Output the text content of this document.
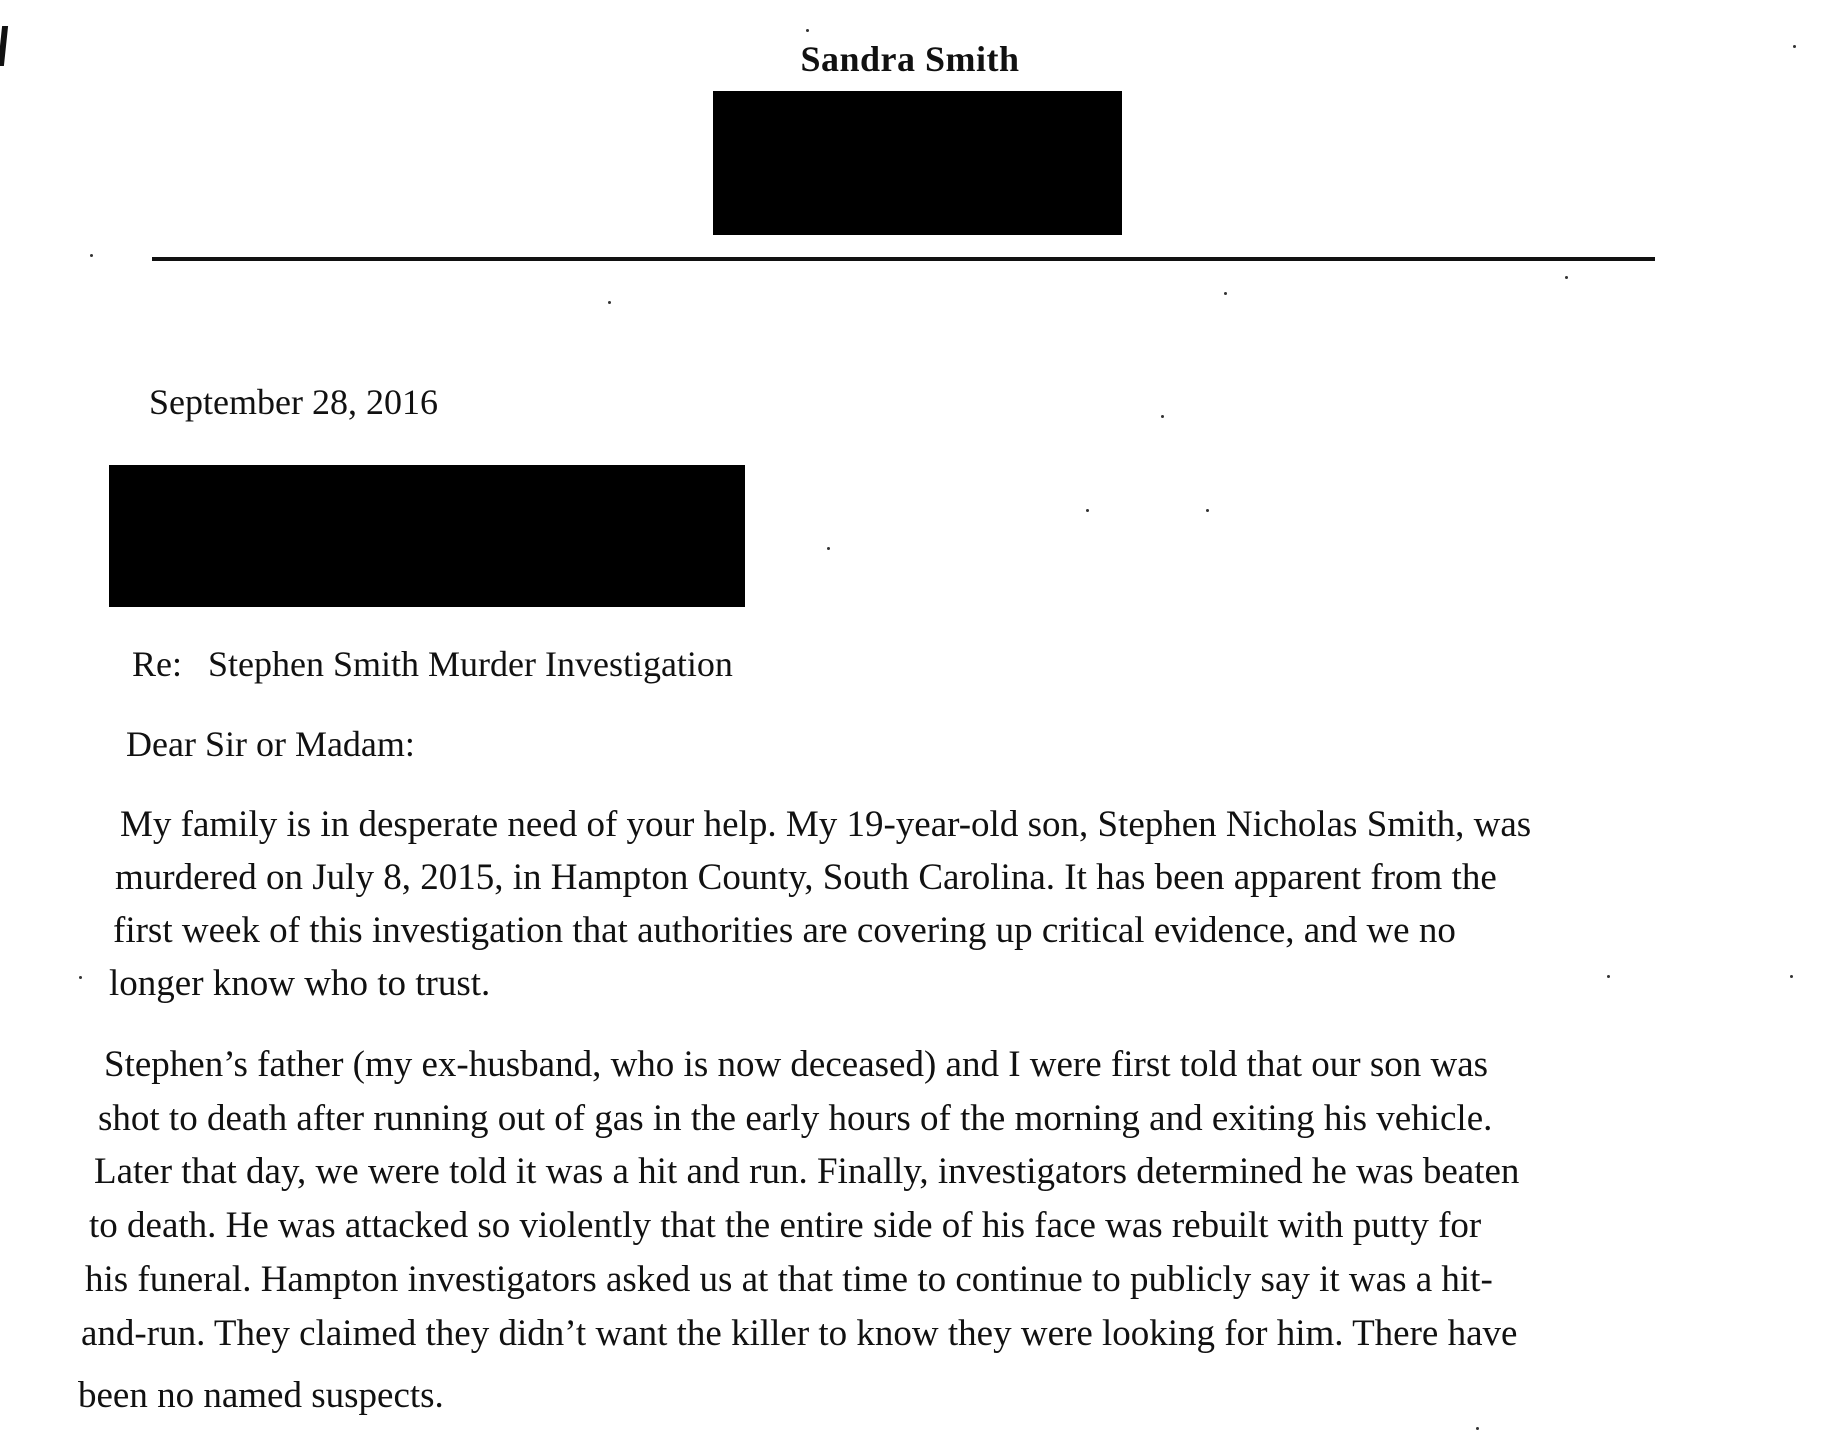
Sandra Smith
September 28, 2016
Re: Stephen Smith Murder Investigation
Dear Sir or Madam:
My family is in desperate need of your help. My 19-year-old son, Stephen Nicholas Smith, was
murdered on July 8, 2015, in Hampton County, South Carolina. It has been apparent from the
first week of this investigation that authorities are covering up critical evidence, and we no
longer know who to trust.
Stephen’s father (my ex-husband, who is now deceased) and I were first told that our son was
shot to death after running out of gas in the early hours of the morning and exiting his vehicle.
Later that day, we were told it was a hit and run. Finally, investigators determined he was beaten
to death. He was attacked so violently that the entire side of his face was rebuilt with putty for
his funeral. Hampton investigators asked us at that time to continue to publicly say it was a hit-
and-run. They claimed they didn’t want the killer to know they were looking for him. There have
been no named suspects.
